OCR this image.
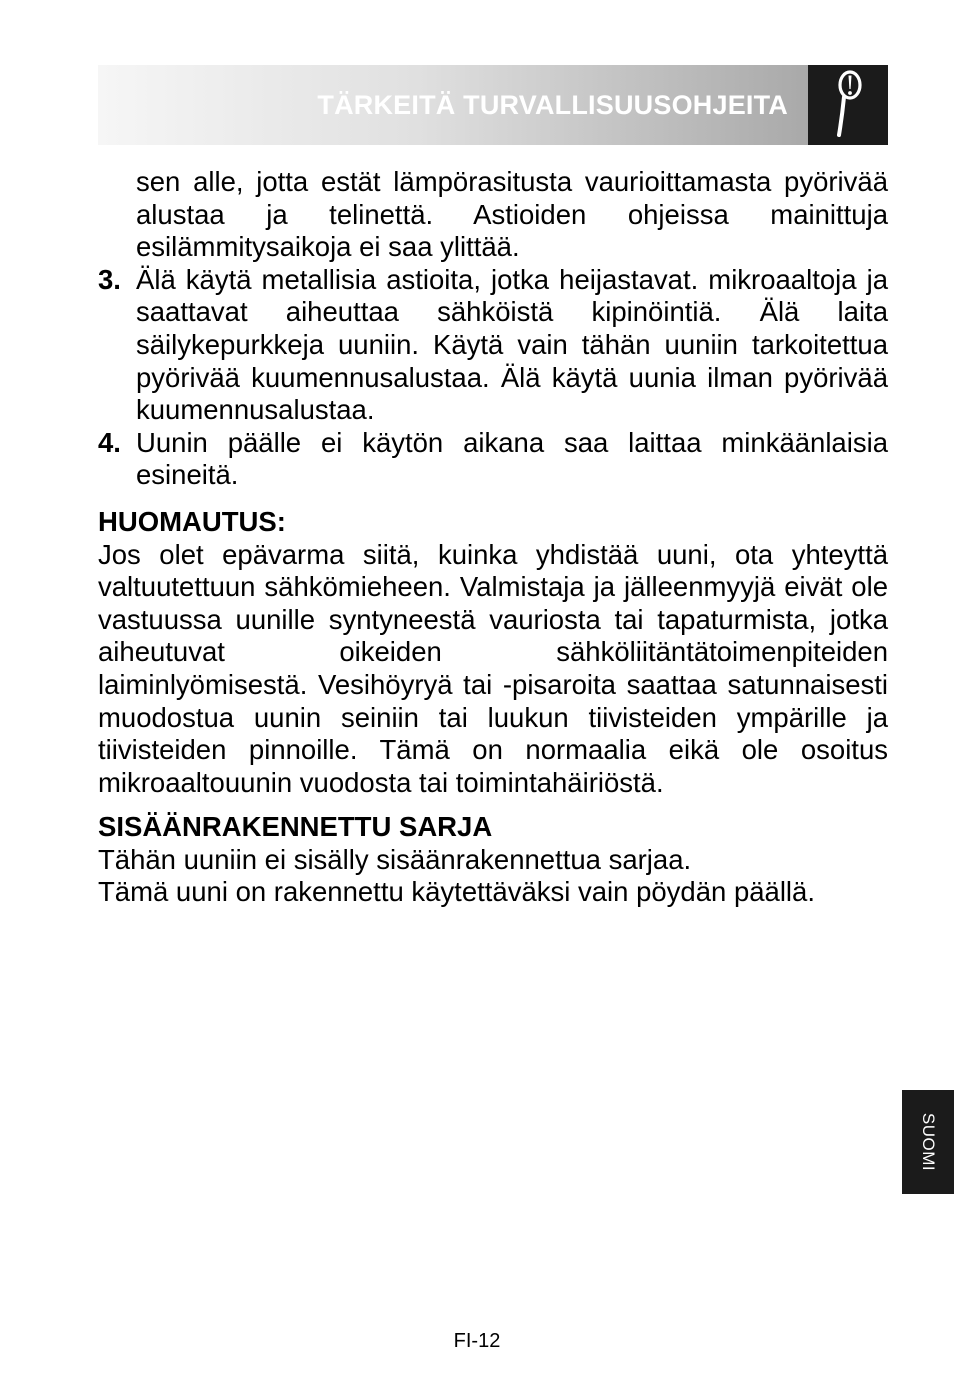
TÄRKEITÄ TURVALLISUUSOHJEITA

sen alle, jotta estät lämpörasitusta vaurioittamasta pyörivää alustaa ja telinettä. Astioiden ohjeissa mainittuja esilämmitysaikoja ei saa ylittää.

3. Älä käytä metallisia astioita, jotka heijastavat. mikroaaltoja ja saattavat aiheuttaa sähköistä kipinöintiä. Älä laita säilykepurkkeja uuniin. Käytä vain tähän uuniin tarkoitettua pyörivää kuumennusalustaa. Älä käytä uunia ilman pyörivää kuumennusalustaa.

4. Uunin päälle ei käytön aikana saa laittaa minkäänlaisia esineitä.

HUOMAUTUS:

Jos olet epävarma siitä, kuinka yhdistää uuni, ota yhteyttä valtuutettuun sähkömieheen. Valmistaja ja jälleenmyyjä eivät ole vastuussa uunille syntyneestä vauriosta tai tapaturmista, jotka aiheutuvat oikeiden sähköliitäntätoimenpiteiden laiminlyömisestä. Vesihöyryä tai -pisaroita saattaa satunnaisesti muodostua uunin seiniin tai luukun tiivisteiden ympärille ja tiivisteiden pinnoille. Tämä on normaalia eikä ole osoitus mikroaaltouunin vuodosta tai toimintahäiriöstä.

SISÄÄNRAKENNETTU SARJA

Tähän uuniin ei sisälly sisäänrakennettua sarjaa.

Tämä uuni on rakennettu käytettäväksi vain pöydän päällä.

SUOMI
FI-12
